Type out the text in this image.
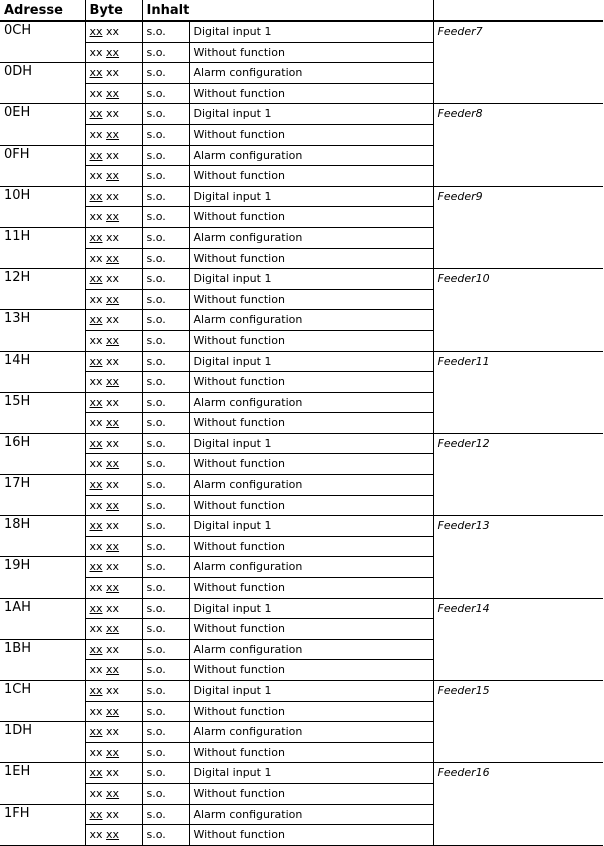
Adresse	Byte	Inhalt		
0CH	xx xx	s.o.	Digital input 1	Feeder7
	xx xx	s.o.	Without function	
0DH	xx xx	s.o.	Alarm configuration	
	xx xx	s.o.	Without function	
0EH	xx xx	s.o.	Digital input 1	Feeder8
	xx xx	s.o.	Without function	
0FH	xx xx	s.o.	Alarm configuration	
	xx xx	s.o.	Without function	
10H	xx xx	s.o.	Digital input 1	Feeder9
	xx xx	s.o.	Without function	
11H	xx xx	s.o.	Alarm configuration	
	xx xx	s.o.	Without function	
12H	xx xx	s.o.	Digital input 1	Feeder10
	xx xx	s.o.	Without function	
13H	xx xx	s.o.	Alarm configuration	
	xx xx	s.o.	Without function	
14H	xx xx	s.o.	Digital input 1	Feeder11
	xx xx	s.o.	Without function	
15H	xx xx	s.o.	Alarm configuration	
	xx xx	s.o.	Without function	
16H	xx xx	s.o.	Digital input 1	Feeder12
	xx xx	s.o.	Without function	
17H	xx xx	s.o.	Alarm configuration	
	xx xx	s.o.	Without function	
18H	xx xx	s.o.	Digital input 1	Feeder13
	xx xx	s.o.	Without function	
19H	xx xx	s.o.	Alarm configuration	
	xx xx	s.o.	Without function	
1AH	xx xx	s.o.	Digital input 1	Feeder14
	xx xx	s.o.	Without function	
1BH	xx xx	s.o.	Alarm configuration	
	xx xx	s.o.	Without function	
1CH	xx xx	s.o.	Digital input 1	Feeder15
	xx xx	s.o.	Without function	
1DH	xx xx	s.o.	Alarm configuration	
	xx xx	s.o.	Without function	
1EH	xx xx	s.o.	Digital input 1	Feeder16
	xx xx	s.o.	Without function	
1FH	xx xx	s.o.	Alarm configuration	
	xx xx	s.o.	Without function	
